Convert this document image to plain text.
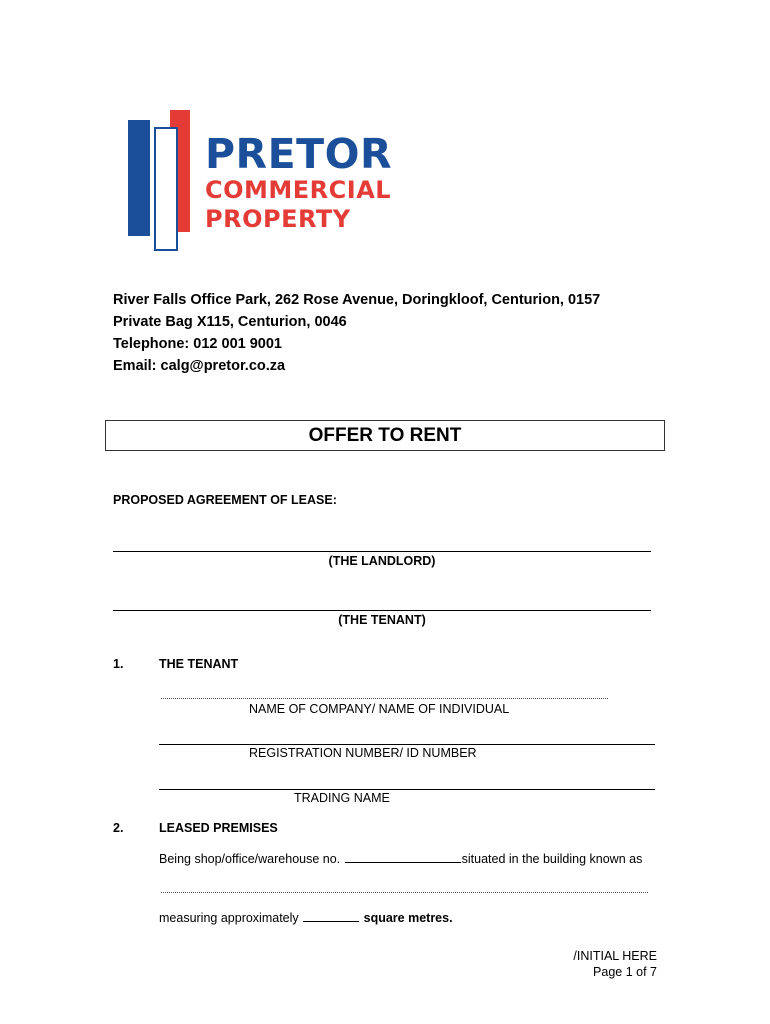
PRETOR
COMMERCIAL
PROPERTY
River Falls Office Park, 262 Rose Avenue, Doringkloof, Centurion, 0157
Private Bag X115, Centurion, 0046
Telephone: 012 001 9001
Email: calg@pretor.co.za
OFFER TO RENT
PROPOSED AGREEMENT OF LEASE:
(THE LANDLORD)
(THE TENANT)
1.	THE TENANT
NAME OF COMPANY/ NAME OF INDIVIDUAL
REGISTRATION NUMBER/ ID NUMBER
TRADING NAME
2.	LEASED PREMISES
Being shop/office/warehouse no.	situated in the building known as
measuring approximately	square metres.
/INITIAL HERE
Page 1 of 7
